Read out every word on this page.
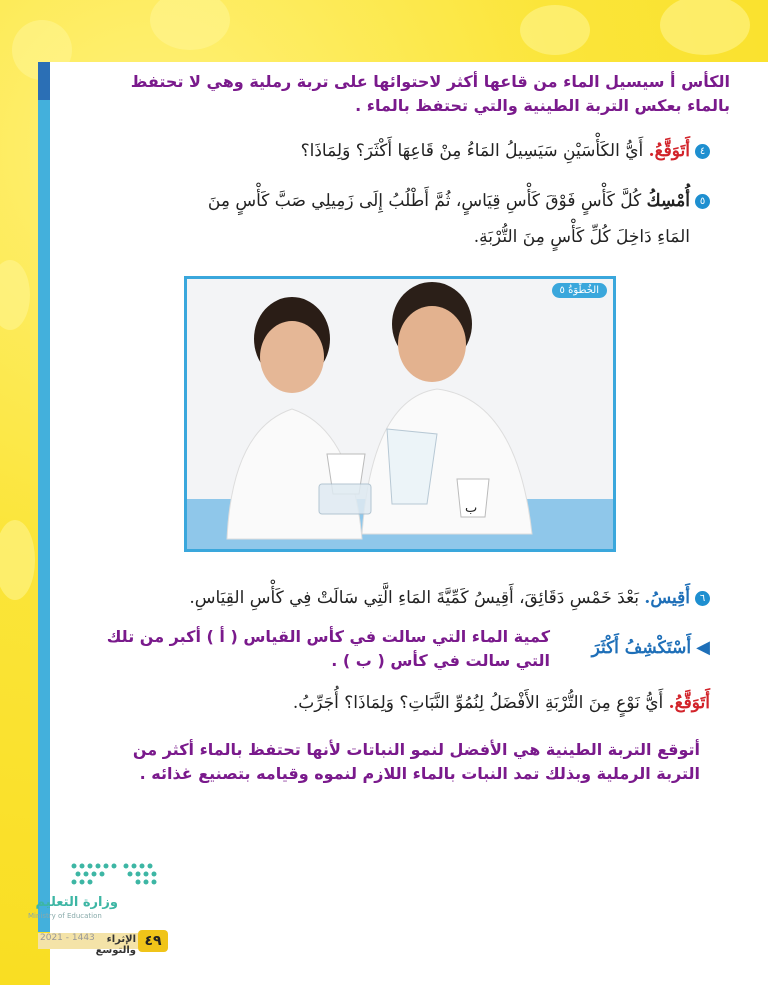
الكأس أ سيسيل الماء من قاعها أكثر لاحتوائها على تربة رملية وهي لا تحتفظ بالماء بعكس التربة الطينية والتي تحتفظ بالماء .
٤أَتَوَقَّعُ. أَيُّ الكَأْسَيْنِ سَيَسِيلُ المَاءُ مِنْ قَاعِهَا أَكْثَرَ؟ وَلِمَاذَا؟
٥أُمْسِكُ كُلَّ كَأْسٍ فَوْقَ كَأْسِ قِيَاسٍ، ثُمَّ أَطْلُبُ إِلَى زَمِيلِي صَبَّ كَأْسٍ مِنَ
المَاءِ دَاخِلَ كُلِّ كَأْسٍ مِنَ التُّرْبَةِ.
الخُطْوَةُ ٥
ب
٦أَقِيسُ. بَعْدَ خَمْسِ دَقَائِقَ، أَقِيسُ كَمِّيَّةَ المَاءِ الَّتِي سَالَتْ فِي كَأْسِ القِيَاسِ.
◀ أَسْتَكْشِفُ أَكْثَرَ
كمية الماء التي سالت في كأس القياس ( أ ) أكبر من تلك التي سالت في كأس ( ب ) .
أَتَوَقَّعُ. أَيُّ نَوْعٍ مِنَ التُّرْبَةِ الأَفْضَلُ لِنُمُوِّ النَّبَاتِ؟ وَلِمَاذَا؟ أُجَرِّبُ.
أتوقع التربة الطينية هي الأفضل لنمو النباتات لأنها تحتفظ بالماء أكثر من التربة الرملية وبذلك تمد النبات بالماء اللازم لنموه وقيامه بتصنيع غذائه .
وزارة التعليم
Ministry of Education
2021 - 1443	الإثراء والتوسع
٤٩
